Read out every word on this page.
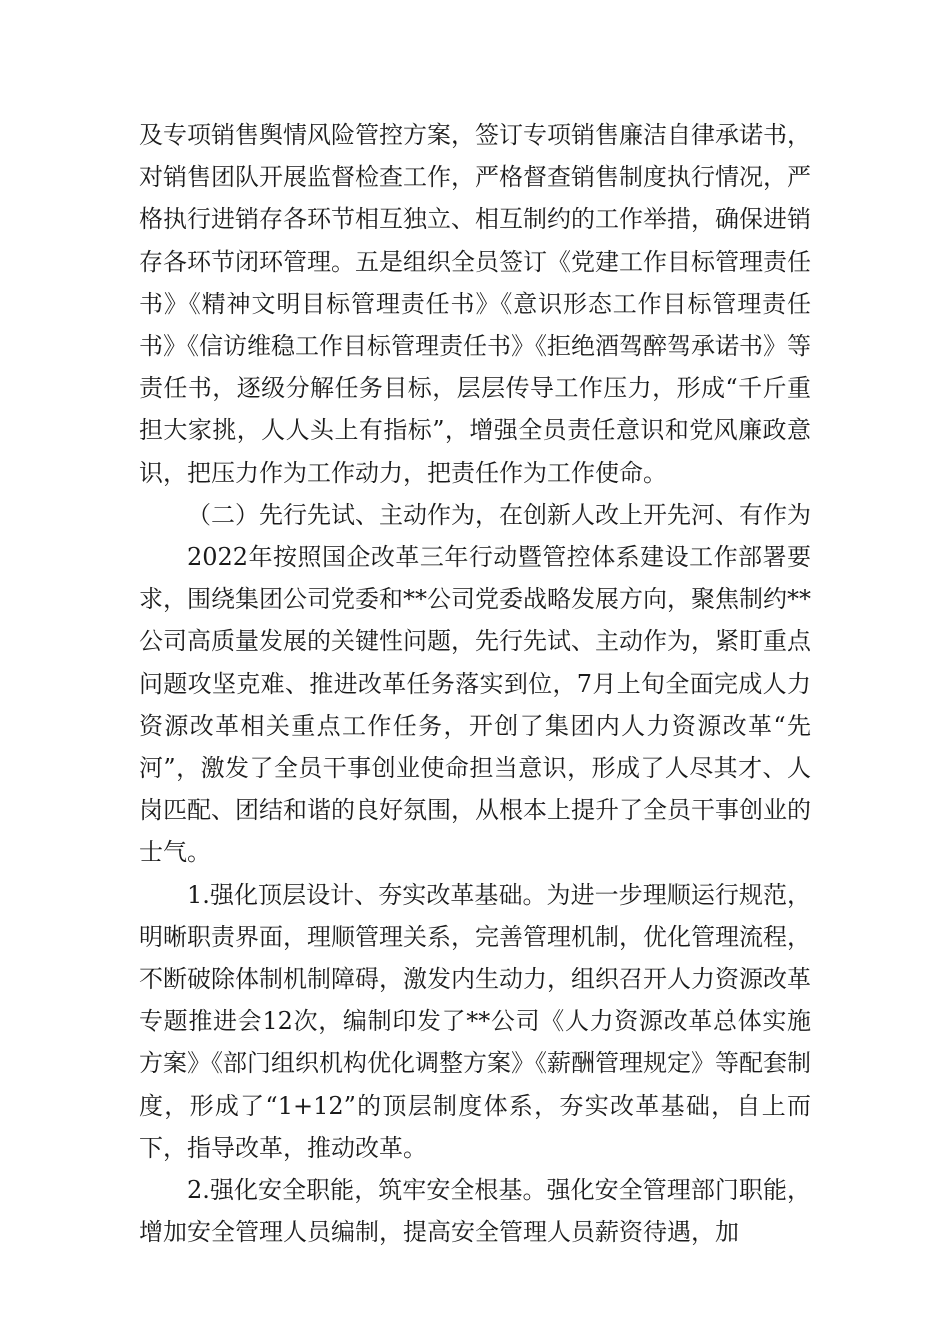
及专项销售舆情风险管控方案，签订专项销售廉洁自律承诺书，对销售团队开展监督检查工作，严格督查销售制度执行情况，严格执行进销存各环节相互独立、相互制约的工作举措，确保进销存各环节闭环管理。五是组织全员签订《党建工作目标管理责任书》《精神文明目标管理责任书》《意识形态工作目标管理责任书》《信访维稳工作目标管理责任书》《拒绝酒驾醉驾承诺书》等责任书，逐级分解任务目标，层层传导工作压力，形成“千斤重担大家挑，人人头上有指标”，增强全员责任意识和党风廉政意识，把压力作为工作动力，把责任作为工作使命。

（二）先行先试、主动作为，在创新人改上开先河、有作为

2022年按照国企改革三年行动暨管控体系建设工作部署要求，围绕集团公司党委和**公司党委战略发展方向，聚焦制约**公司高质量发展的关键性问题，先行先试、主动作为，紧盯重点问题攻坚克难、推进改革任务落实到位，7月上旬全面完成人力资源改革相关重点工作任务，开创了集团内人力资源改革“先河”，激发了全员干事创业使命担当意识，形成了人尽其才、人岗匹配、团结和谐的良好氛围，从根本上提升了全员干事创业的士气。

1.强化顶层设计、夯实改革基础。为进一步理顺运行规范，明晰职责界面，理顺管理关系，完善管理机制，优化管理流程，不断破除体制机制障碍，激发内生动力，组织召开人力资源改革专题推进会12次，编制印发了**公司《人力资源改革总体实施方案》《部门组织机构优化调整方案》《薪酬管理规定》等配套制度，形成了“1+12”的顶层制度体系，夯实改革基础，自上而下，指导改革，推动改革。

2.强化安全职能，筑牢安全根基。强化安全管理部门职能，增加安全管理人员编制，提高安全管理人员薪资待遇，加
